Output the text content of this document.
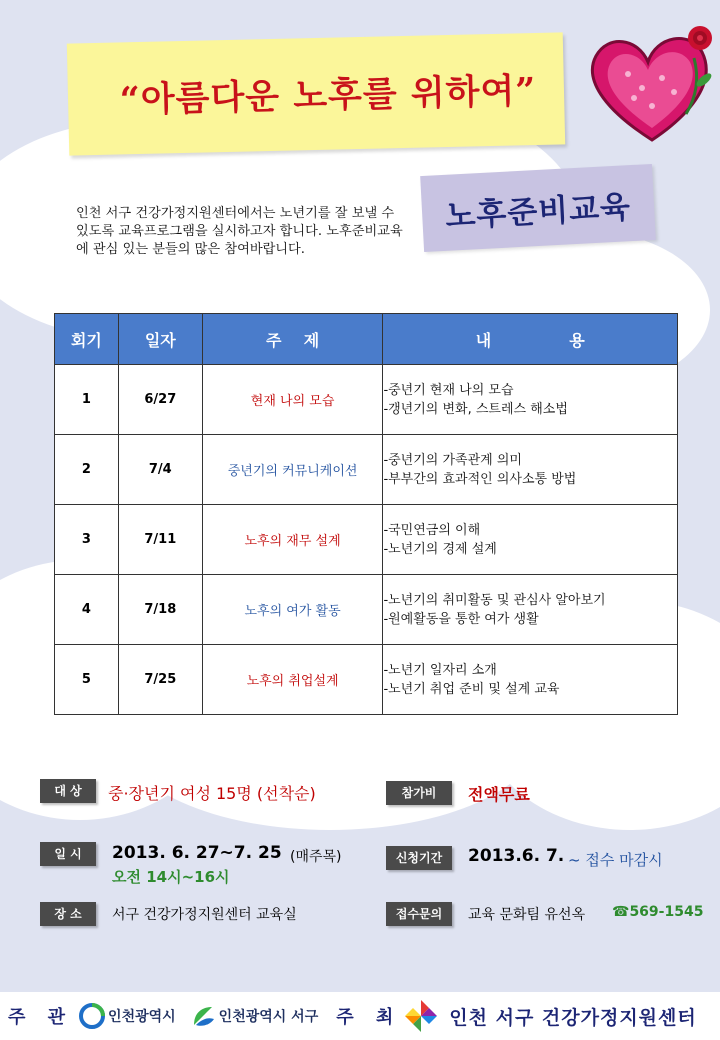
“아름다운 노후를 위하여”
노후준비교육

인천 서구 건강가정지원센터에서는 노년기를 잘 보낼 수 있도록 교육프로그램을 실시하고자 합니다. 노후준비교육에 관심 있는 분들의 많은 참여바랍니다.

회기	일자	주    제	내              용
1	6/27	현재 나의 모습	-중년기 현재 나의 모습
-갱년기의 변화, 스트레스 해소법

2	7/4	중년기의 커뮤니케이션	-중년기의 가족관계 의미
-부부간의 효과적인 의사소통 방법

3	7/11	노후의 재무 설계	-국민연금의 이해
-노년기의 경제 설계

4	7/18	노후의 여가 활동	-노년기의 취미활동 및 관심사 알아보기
-원예활동을 통한 여가 생활

5	7/25	노후의 취업설계	-노년기 일자리 소개
-노년기 취업 준비 및 설계 교육
대 상	중·장년기 여성 15명 (선착순)	참가비	전액무료
일 시	2013. 6. 27~7. 25 (매주목)
오전 14시~16시
신청기간	2013.6. 7. ~ 접수 마감시
장 소	서구 건강가정지원센터 교육실	접수문의	교육 문화팀 유선옥 ☎569-1545
주 관	인천광역시	인천광역시 서구 주 최	인천 서구 건강가정지원센터
